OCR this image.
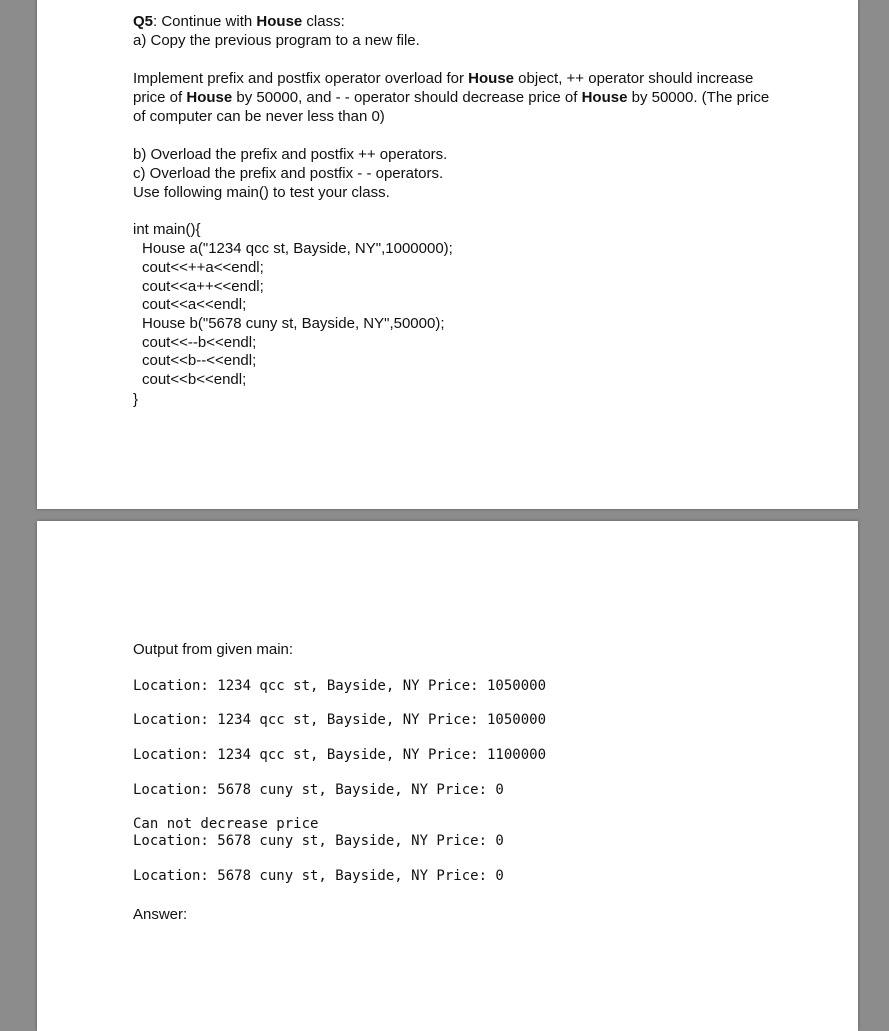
Q5: Continue with House class:

a) Copy the previous program to a new file.

Implement prefix and postfix operator overload for House object, ++ operator should increase price of House by 50000, and - - operator should decrease price of House by 50000. (The price of computer can be never less than 0)

b) Overload the prefix and postfix ++ operators.

c) Overload the prefix and postfix - - operators.

Use following main() to test your class.

int main(){

House a("1234 qcc st, Bayside, NY",1000000);

cout<<++a<<endl;

cout<<a++<<endl;

cout<<a<<endl;

House b("5678 cuny st, Bayside, NY",50000);

cout<<--b<<endl;

cout<<b--<<endl;

cout<<b<<endl;

}

Output from given main:

Location: 1234 qcc st, Bayside, NY Price: 1050000

Location: 1234 qcc st, Bayside, NY Price: 1050000

Location: 1234 qcc st, Bayside, NY Price: 1100000

Location: 5678 cuny st, Bayside, NY Price: 0

Can not decrease price

Location: 5678 cuny st, Bayside, NY Price: 0

Location: 5678 cuny st, Bayside, NY Price: 0

Answer:
